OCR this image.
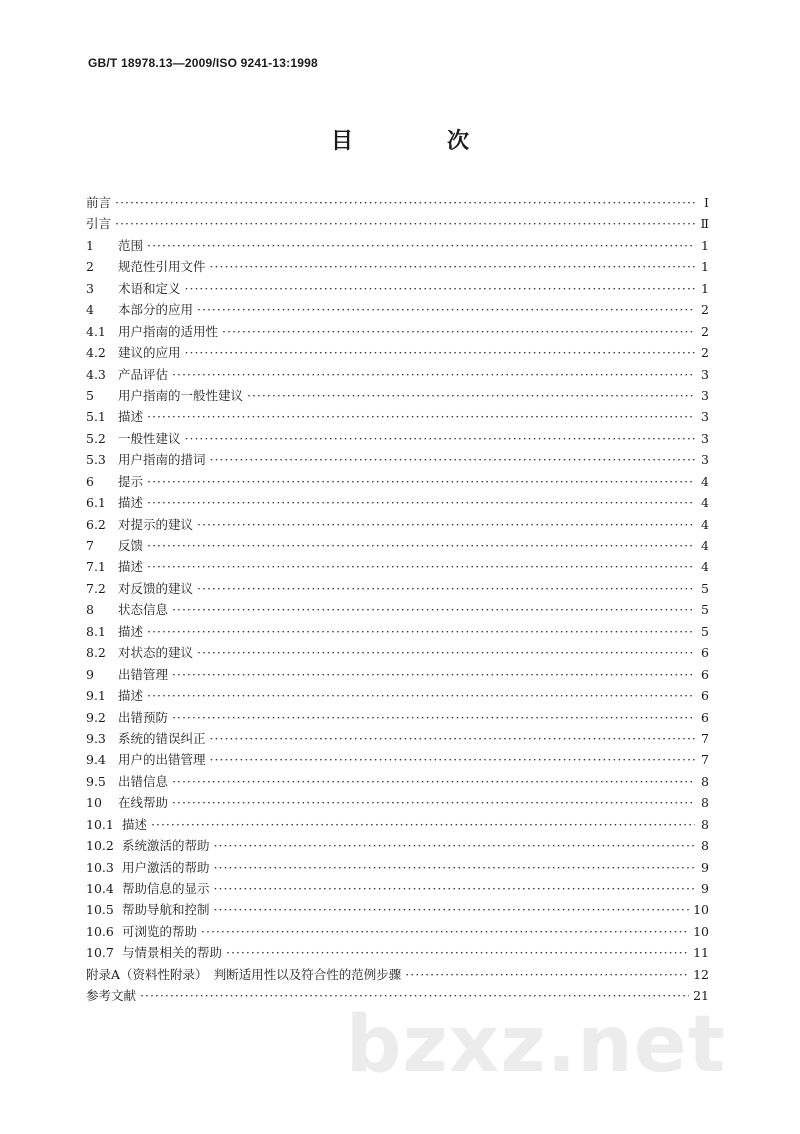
GB/T 18978.13—2009/ISO 9241-13:1998
目　次
前言 ·····	Ⅰ
引言 ·····	Ⅱ
1	范围 ·····	1
2	规范性引用文件 ·····	1
3	术语和定义 ·····	1
4	本部分的应用 ·····	2
4.1 用户指南的适用性 ·····	2
4.2 建议的应用 ·····	2
4.3 产品评估 ·····	3
5	用户指南的一般性建议 ·····	3
5.1 描述 ·····	3
5.2 一般性建议 ·····	3
5.3 用户指南的措词 ·····	3
6	提示 ·····	4
6.1 描述 ·····	4
6.2 对提示的建议 ·····	4
7	反馈 ·····	4
7.1 描述 ·····	4
7.2 对反馈的建议 ·····	5
8	状态信息 ·····	5
8.1 描述 ·····	5
8.2 对状态的建议 ·····	6
9	出错管理 ·····	6
9.1 描述 ·····	6
9.2 出错预防 ·····	6
9.3 系统的错误纠正 ·····	7
9.4 用户的出错管理 ·····	7
9.5 出错信息 ·····	8
10	在线帮助 ·····	8
10.1 描述 ·····	8
10.2 系统激活的帮助 ·····	8
10.3 用户激活的帮助 ·····	9
10.4 帮助信息的显示 ·····	9
10.5 帮助导航和控制 ·····	10
10.6 可浏览的帮助 ·····	10
10.7 与情景相关的帮助 ·····	11
附录A（资料性附录）　判断适用性以及符合性的范例步骤 ·····	12
参考文献 ·····	21
bzxz.net
